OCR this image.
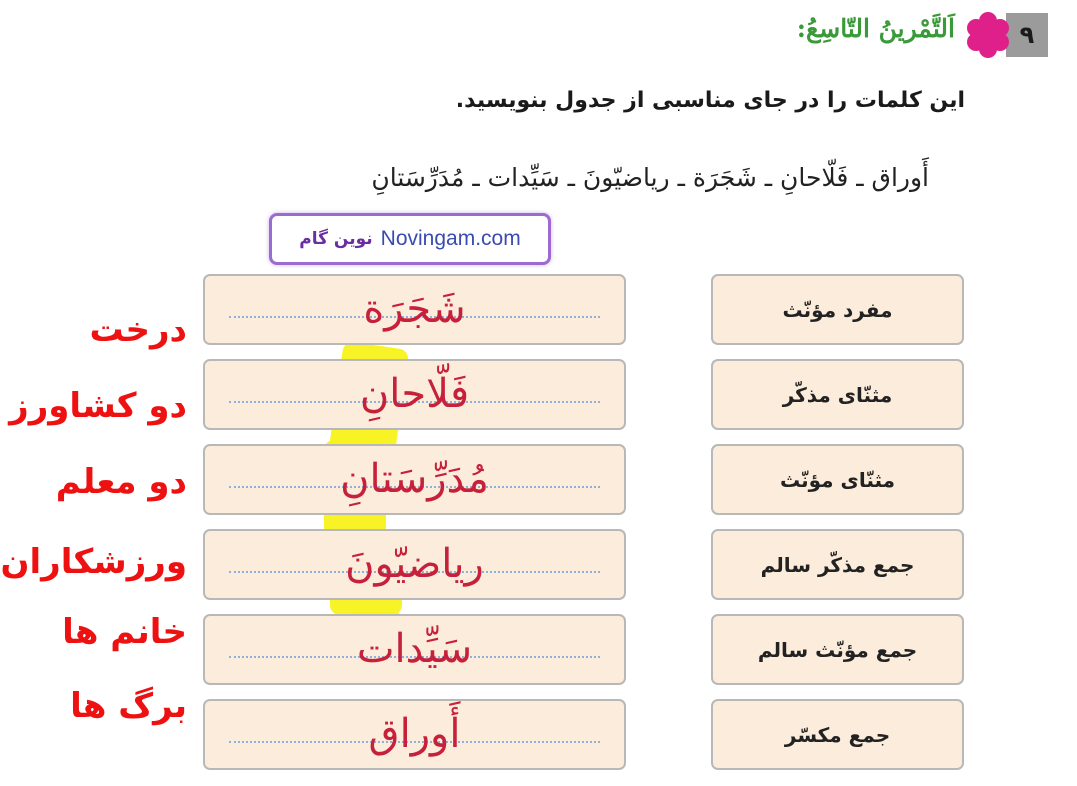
٩
اَلتَّمْرينُ التّاسِعُ:
این کلمات را در جای مناسبی از جدول بنویسید.
أَوراق ـ فَلّاحانِ ـ شَجَرَة ـ رياضيّونَ ـ سَيِّدات ـ مُدَرِّسَتانِ
نوین گام Novingam.com
مفرد مؤنّث
شَجَرَة
درخت
مثنّای مذکّر
فَلّاحانِ
دو کشاورز
مثنّای مؤنّث
مُدَرِّسَتانِ
دو معلم
جمع مذکّر سالم
رياضيّونَ
ورزشکاران
جمع مؤنّث سالم
سَيِّدات
خانم ها
جمع مکسّر
أَوراق
برگ ها
